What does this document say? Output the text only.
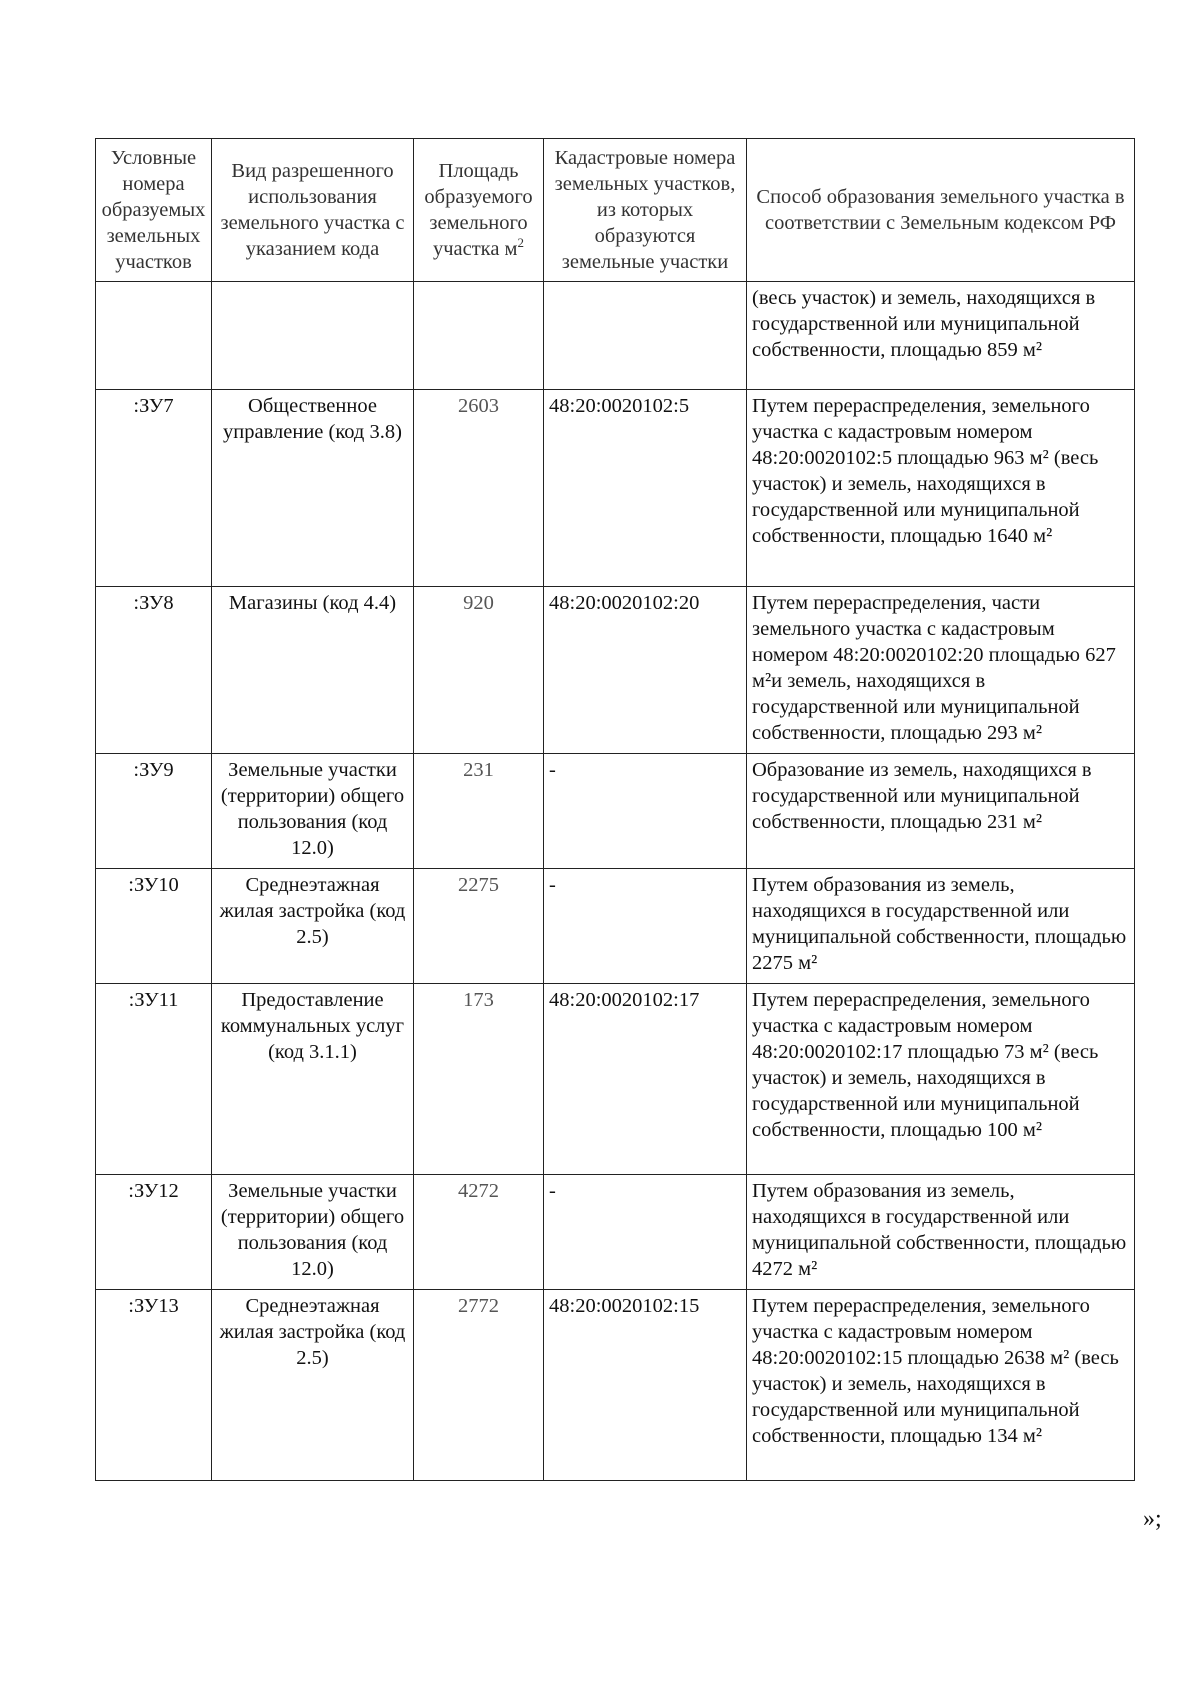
Условные номера образуемых земельных участков	Вид разрешенного использования земельного участка с указанием кода	Площадь образуемого земельного участка $м^2$	Кадастровые номера земельных участков, из которых образуются земельные участки	Способ образования земельного участка в соответствии с Земельным кодексом РФ
				(весь участок) и земель, находящихся в государственной или муниципальной собственности, площадью 859 м²
:ЗУ7	Общественное управление (код 3.8)	2603	48:20:0020102:5	Путем перераспределения, земельного участка с кадастровым номером 48:20:0020102:5 площадью 963 м² (весь участок) и земель, находящихся в государственной или муниципальной собственности, площадью 1640 м²
:ЗУ8	Магазины (код 4.4)	920	48:20:0020102:20	Путем перераспределения, части земельного участка с кадастровым номером 48:20:0020102:20 площадью 627 м²и земель, находящихся в государственной или муниципальной собственности, площадью 293 м²
:ЗУ9	Земельные участки (территории) общего пользования (код 12.0)	231	-	Образование из земель, находящихся в государственной или муниципальной собственности, площадью 231 м²
:ЗУ10	Среднеэтажная жилая застройка (код 2.5)	2275	-	Путем образования из земель, находящихся в государственной или муниципальной собственности, площадью 2275 м²
:ЗУ11	Предоставление коммунальных услуг (код 3.1.1)	173	48:20:0020102:17	Путем перераспределения, земельного участка с кадастровым номером 48:20:0020102:17 площадью 73 м² (весь участок) и земель, находящихся в государственной или муниципальной собственности, площадью 100 м²
:ЗУ12	Земельные участки (территории) общего пользования (код 12.0)	4272	-	Путем образования из земель, находящихся в государственной или муниципальной собственности, площадью 4272 м²
:ЗУ13	Среднеэтажная жилая застройка (код 2.5)	2772	48:20:0020102:15	Путем перераспределения, земельного участка с кадастровым номером 48:20:0020102:15 площадью 2638 м² (весь участок) и земель, находящихся в государственной или муниципальной собственности, площадью 134 м²
»;
